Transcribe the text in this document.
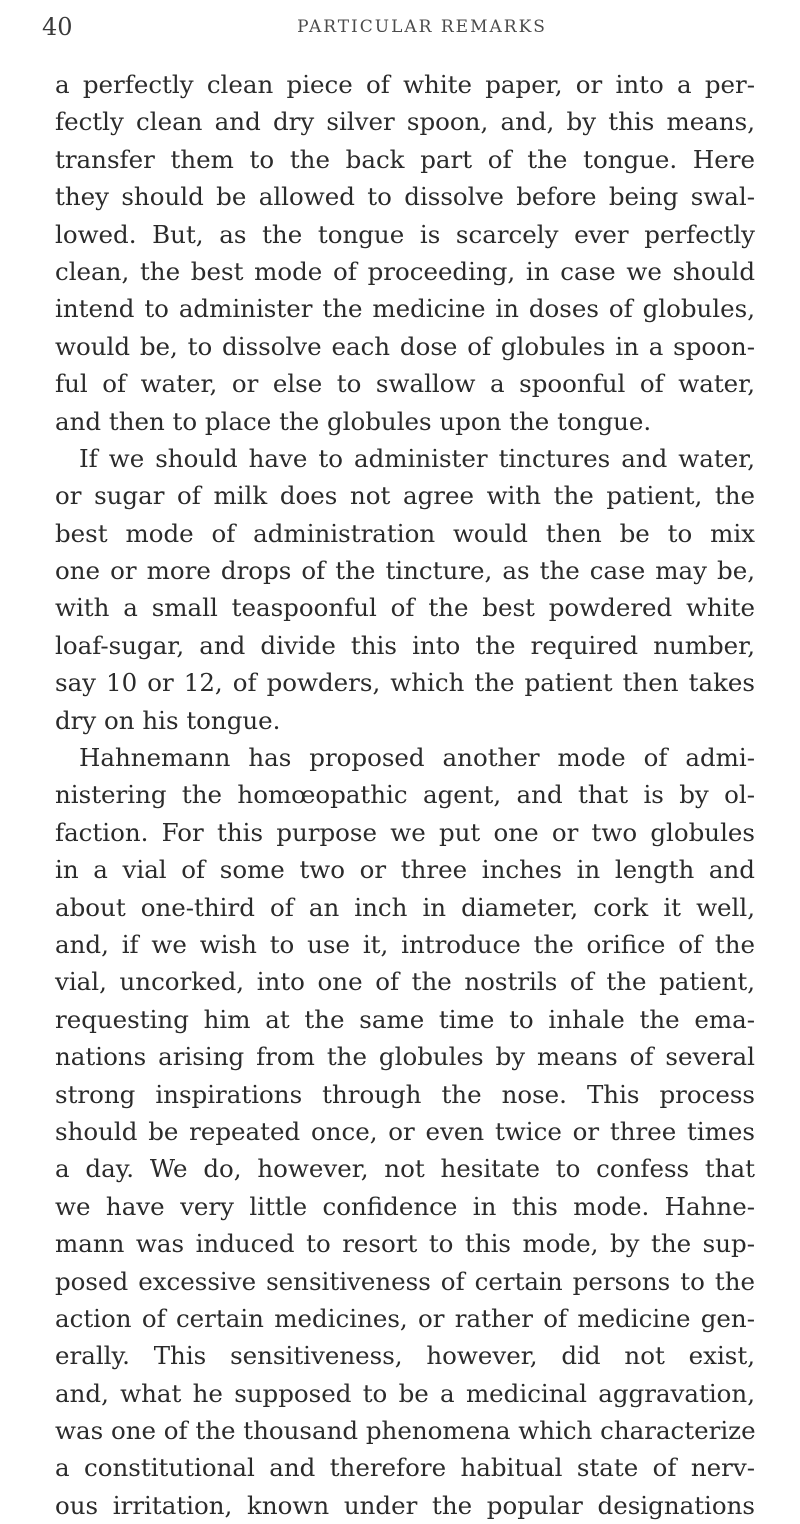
40	PARTICULAR REMARKS
a perfectly clean piece of white paper, or into a per-
fectly clean and dry silver spoon, and, by this means,
transfer them to the back part of the tongue. Here
they should be allowed to dissolve before being swal-
lowed. But, as the tongue is scarcely ever perfectly
clean, the best mode of proceeding, in case we should
intend to administer the medicine in doses of globules,
would be, to dissolve each dose of globules in a spoon-
ful of water, or else to swallow a spoonful of water,
and then to place the globules upon the tongue.
If we should have to administer tinctures and water,
or sugar of milk does not agree with the patient, the
best mode of administration would then be to mix
one or more drops of the tincture, as the case may be,
with a small teaspoonful of the best powdered white
loaf-sugar, and divide this into the required number,
say 10 or 12, of powders, which the patient then takes
dry on his tongue.
Hahnemann has proposed another mode of admi-
nistering the homœopathic agent, and that is by ol-
faction. For this purpose we put one or two globules
in a vial of some two or three inches in length and
about one-third of an inch in diameter, cork it well,
and, if we wish to use it, introduce the orifice of the
vial, uncorked, into one of the nostrils of the patient,
requesting him at the same time to inhale the ema-
nations arising from the globules by means of several
strong inspirations through the nose. This process
should be repeated once, or even twice or three times
a day. We do, however, not hesitate to confess that
we have very little confidence in this mode. Hahne-
mann was induced to resort to this mode, by the sup-
posed excessive sensitiveness of certain persons to the
action of certain medicines, or rather of medicine gen-
erally. This sensitiveness, however, did not exist,
and, what he supposed to be a medicinal aggravation,
was one of the thousand phenomena which characterize
a constitutional and therefore habitual state of nerv-
ous irritation, known under the popular designations
